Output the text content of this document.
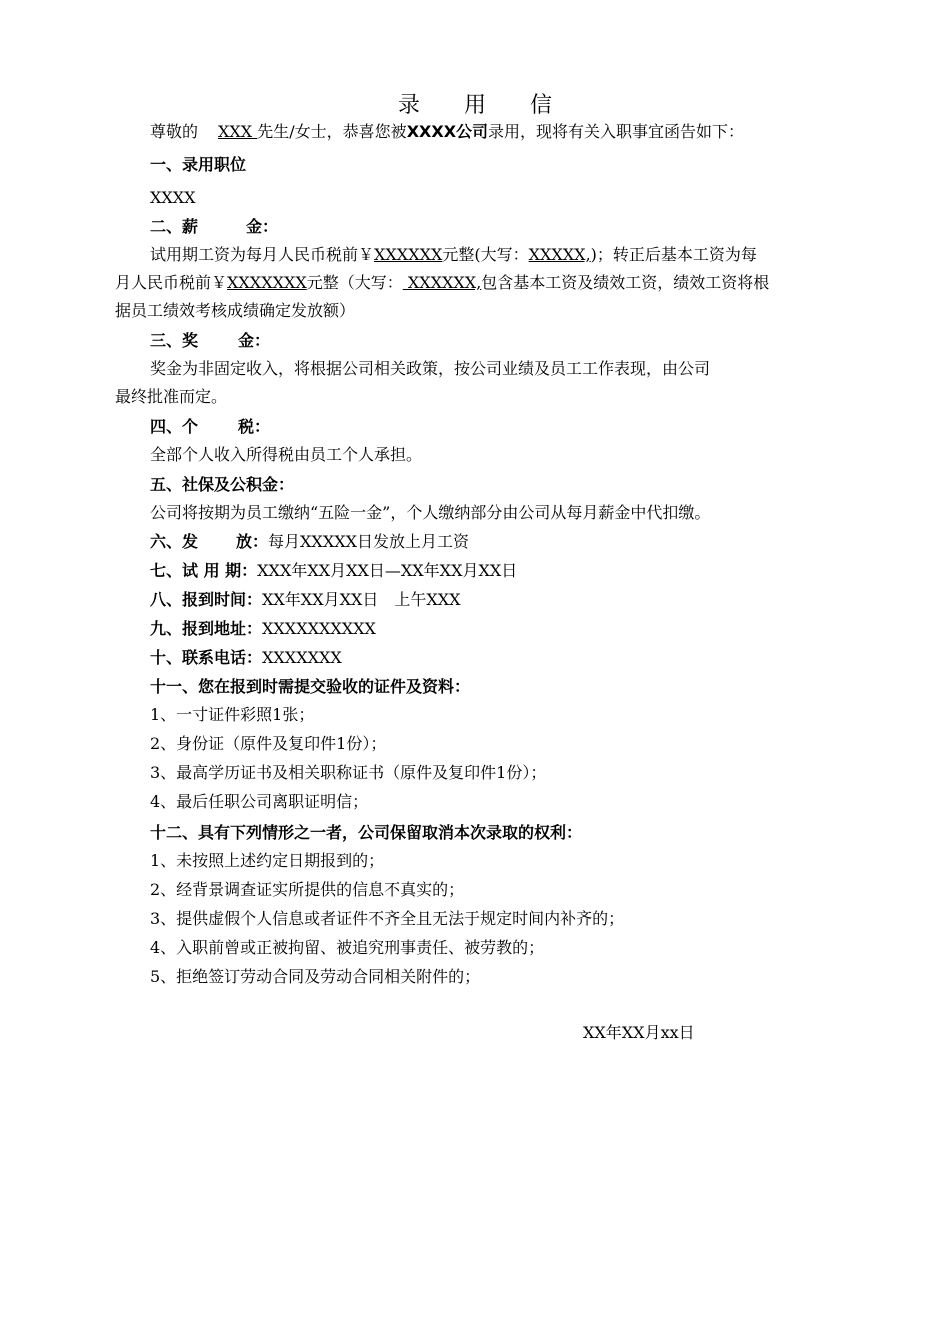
录 用 信
尊敬的 XXX 先生/女士，恭喜您被XXXX公司录用，现将有关入职事宜函告如下：
一、录用职位
XXXX
二、薪	金：
试用期工资为每月人民币税前￥XXXXXX元整(大写：XXXXX,)；转正后基本工资为每
月人民币税前￥XXXXXXX元整（大写： XXXXXX,包含基本工资及绩效工资，绩效工资将根
据员工绩效考核成绩确定发放额）
三、奖	金：
奖金为非固定收入，将根据公司相关政策，按公司业绩及员工工作表现，由公司
最终批准而定。
四、个	税：
全部个人收入所得税由员工个人承担。
五、社保及公积金：
公司将按期为员工缴纳“五险一金”，个人缴纳部分由公司从每月薪金中代扣缴。
六、发 放：每月XXXXX日发放上月工资
七、试 用 期：XXX年XX月XX日—XX年XX月XX日
八、报到时间：XX年XX月XX日　上午XXX
九、报到地址：XXXXXXXXXX
十、联系电话：XXXXXXX
十一、您在报到时需提交验收的证件及资料：
1、一寸证件彩照1张；
2、身份证（原件及复印件1份）；
3、最高学历证书及相关职称证书（原件及复印件1份）；
4、最后任职公司离职证明信；
十二、具有下列情形之一者，公司保留取消本次录取的权利：
1、未按照上述约定日期报到的；
2、经背景调查证实所提供的信息不真实的；
3、提供虚假个人信息或者证件不齐全且无法于规定时间内补齐的；
4、入职前曾或正被拘留、被追究刑事责任、被劳教的；
5、拒绝签订劳动合同及劳动合同相关附件的；
XX年XX月xx日
